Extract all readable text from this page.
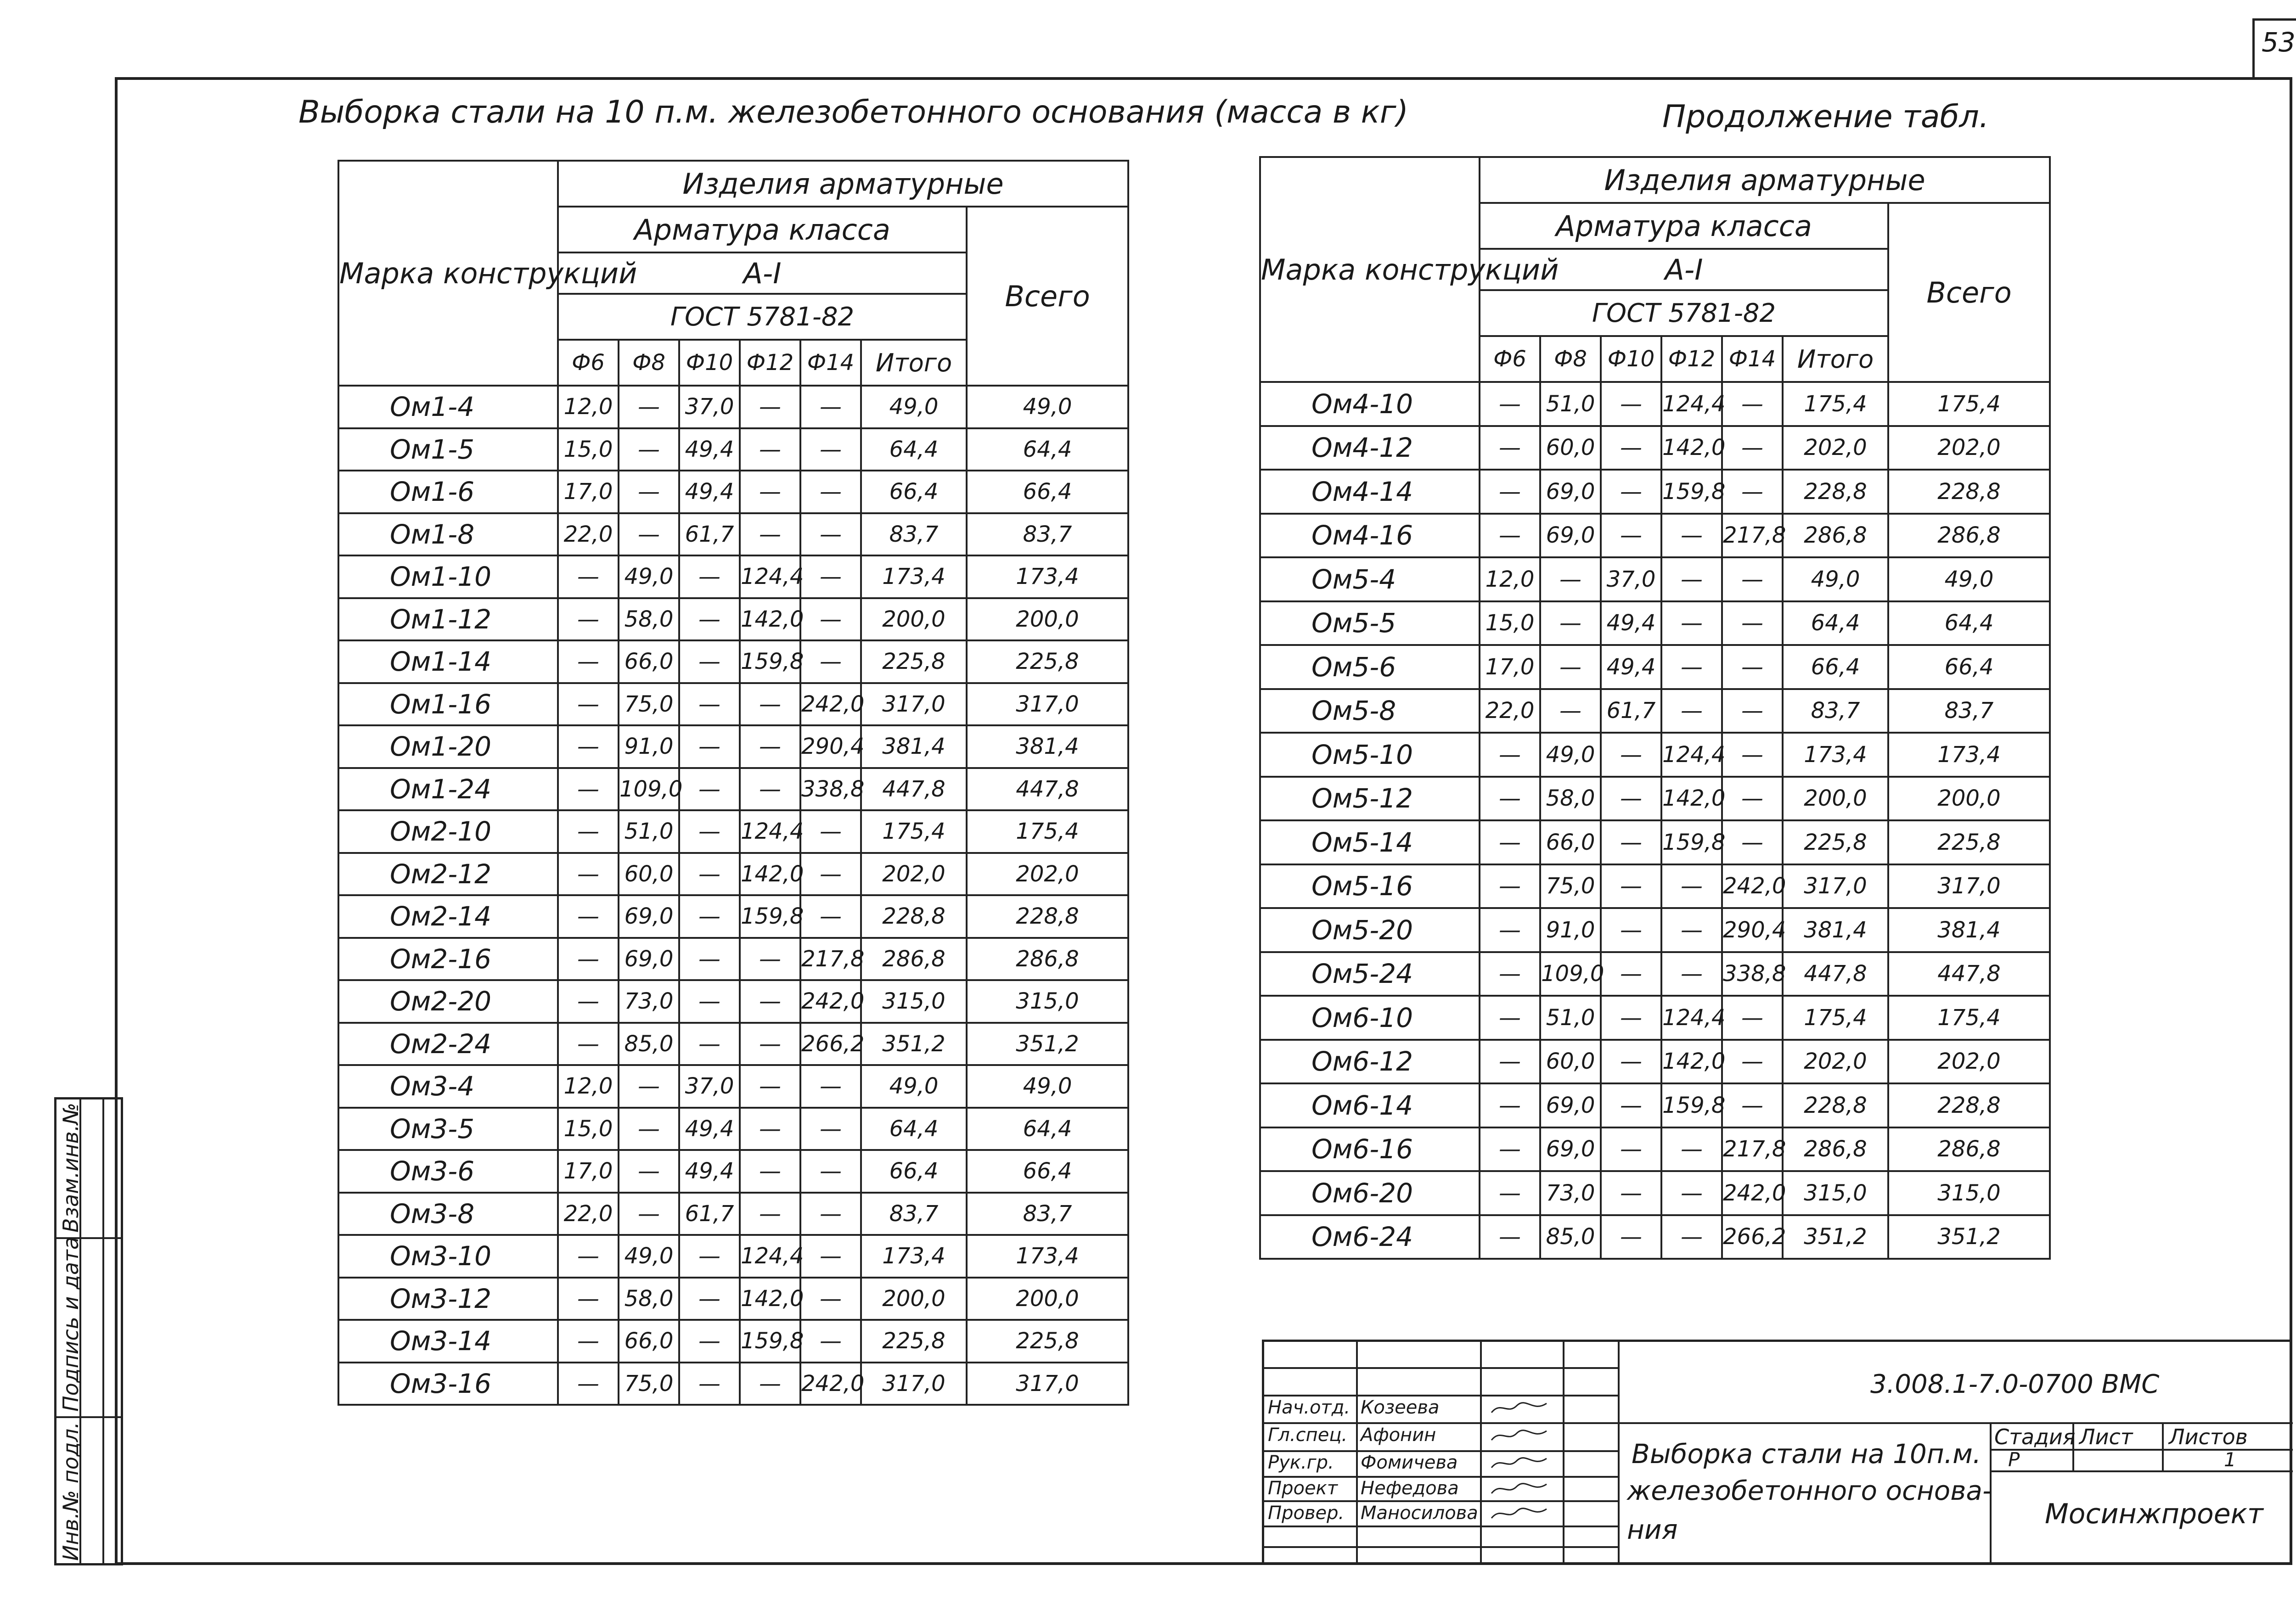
53
Выборка стали на 10 п.м. железобетонного основания (масса в кг)	Продолжение табл.
Марка конструкций	Изделия арматурные						
	Арматура класса						Всего
	А-I						
	ГОСТ 5781-82						
	Ф6	Ф8	Ф10	Ф12	Ф14	Итого	
Ом1-4	12,0	—	37,0	—	—	49,0	49,0
Ом1-5	15,0	—	49,4	—	—	64,4	64,4
Ом1-6	17,0	—	49,4	—	—	66,4	66,4
Ом1-8	22,0	—	61,7	—	—	83,7	83,7
Ом1-10	—	49,0	—	124,4	—	173,4	173,4
Ом1-12	—	58,0	—	142,0	—	200,0	200,0
Ом1-14	—	66,0	—	159,8	—	225,8	225,8
Ом1-16	—	75,0	—	—	242,0	317,0	317,0
Ом1-20	—	91,0	—	—	290,4	381,4	381,4
Ом1-24	—	109,0	—	—	338,8	447,8	447,8
Ом2-10	—	51,0	—	124,4	—	175,4	175,4
Ом2-12	—	60,0	—	142,0	—	202,0	202,0
Ом2-14	—	69,0	—	159,8	—	228,8	228,8
Ом2-16	—	69,0	—	—	217,8	286,8	286,8
Ом2-20	—	73,0	—	—	242,0	315,0	315,0
Ом2-24	—	85,0	—	—	266,2	351,2	351,2
Ом3-4	12,0	—	37,0	—	—	49,0	49,0
Ом3-5	15,0	—	49,4	—	—	64,4	64,4
Ом3-6	17,0	—	49,4	—	—	66,4	66,4
Ом3-8	22,0	—	61,7	—	—	83,7	83,7
Ом3-10	—	49,0	—	124,4	—	173,4	173,4
Ом3-12	—	58,0	—	142,0	—	200,0	200,0
Ом3-14	—	66,0	—	159,8	—	225,8	225,8
Ом3-16	—	75,0	—	—	242,0	317,0	317,0
Марка конструкций	Изделия арматурные						
	Арматура класса						Всего
	А-I						
	ГОСТ 5781-82						
	Ф6	Ф8	Ф10	Ф12	Ф14	Итого	
Ом4-10	—	51,0	—	124,4	—	175,4	175,4
Ом4-12	—	60,0	—	142,0	—	202,0	202,0
Ом4-14	—	69,0	—	159,8	—	228,8	228,8
Ом4-16	—	69,0	—	—	217,8	286,8	286,8
Ом5-4	12,0	—	37,0	—	—	49,0	49,0
Ом5-5	15,0	—	49,4	—	—	64,4	64,4
Ом5-6	17,0	—	49,4	—	—	66,4	66,4
Ом5-8	22,0	—	61,7	—	—	83,7	83,7
Ом5-10	—	49,0	—	124,4	—	173,4	173,4
Ом5-12	—	58,0	—	142,0	—	200,0	200,0
Ом5-14	—	66,0	—	159,8	—	225,8	225,8
Ом5-16	—	75,0	—	—	242,0	317,0	317,0
Ом5-20	—	91,0	—	—	290,4	381,4	381,4
Ом5-24	—	109,0	—	—	338,8	447,8	447,8
Ом6-10	—	51,0	—	124,4	—	175,4	175,4
Ом6-12	—	60,0	—	142,0	—	202,0	202,0
Ом6-14	—	69,0	—	159,8	—	228,8	228,8
Ом6-16	—	69,0	—	—	217,8	286,8	286,8
Ом6-20	—	73,0	—	—	242,0	315,0	315,0
Ом6-24	—	85,0	—	—	266,2	351,2	351,2
Инв.№ подл.
Подпись и дата
Взам.инв.№
3.008.1-7.0-0700 ВМС
Выборка стали на 10п.м.
железобетонного основа-
ния
Стадия Лист Листов
Р	1
Мосинжпроект
Нач.отд. Козеева
Гл.спец. Афонин
Рук.гр. Фомичева
Проект Нефедова
Провер. Маносилова
